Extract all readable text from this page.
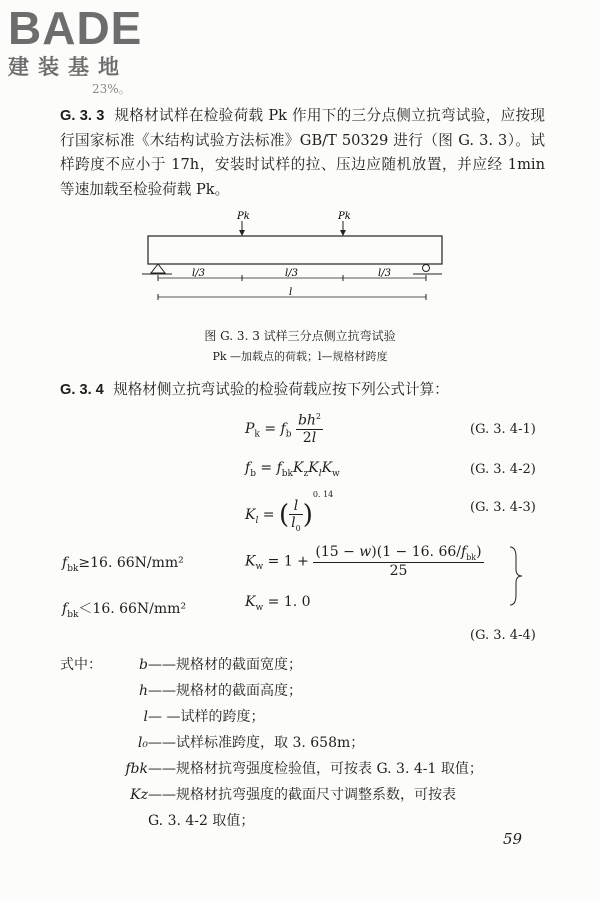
BADE
建装基地
23%。
G. 3. 3 规格材试样在检验荷载 Pk 作用下的三分点侧立抗弯试验，应按现行国家标准《木结构试验方法标准》GB/T 50329 进行（图 G. 3. 3）。试样跨度不应小于 17h，安装时试样的拉、压边应随机放置，并应经 1min 等速加载至检验荷载 Pk。
Pk	Pk
l/3	l/3	l/3
l
图 G. 3. 3 试样三分点侧立抗弯试验
Pk —加载点的荷载；l—规格材跨度
G. 3. 4 规格材侧立抗弯试验的检验荷载应按下列公式计算：
$P_k = f_b \frac{bh^2}{2l}$	(G. 3. 4-1)
$f_b = f_{bk}K_zK_lK_w$	(G. 3. 4-2)
$K_l$ = ( $\frac{l}{l_0} )^{0. 14}$
(G. 3. 4-3)
$f_{bk}\ge 16$. 66N/mm²	$K_w = 1 + \frac{(15 - w)(1 - 16. 66/f_{bk})}{25}$
$f_{bk}<16$. 66N/mm²	$K_w = 1$. 0
(G. 3. 4-4)
式中：	b——规格材的截面宽度；
h——规格材的截面高度；
l— —试样的跨度；
l₀——试样标准跨度，取 3. 658m；
fbk——规格材抗弯强度检验值，可按表 G. 3. 4-1 取值；
Kz——规格材抗弯强度的截面尺寸调整系数，可按表
G. 3. 4-2 取值；
59
